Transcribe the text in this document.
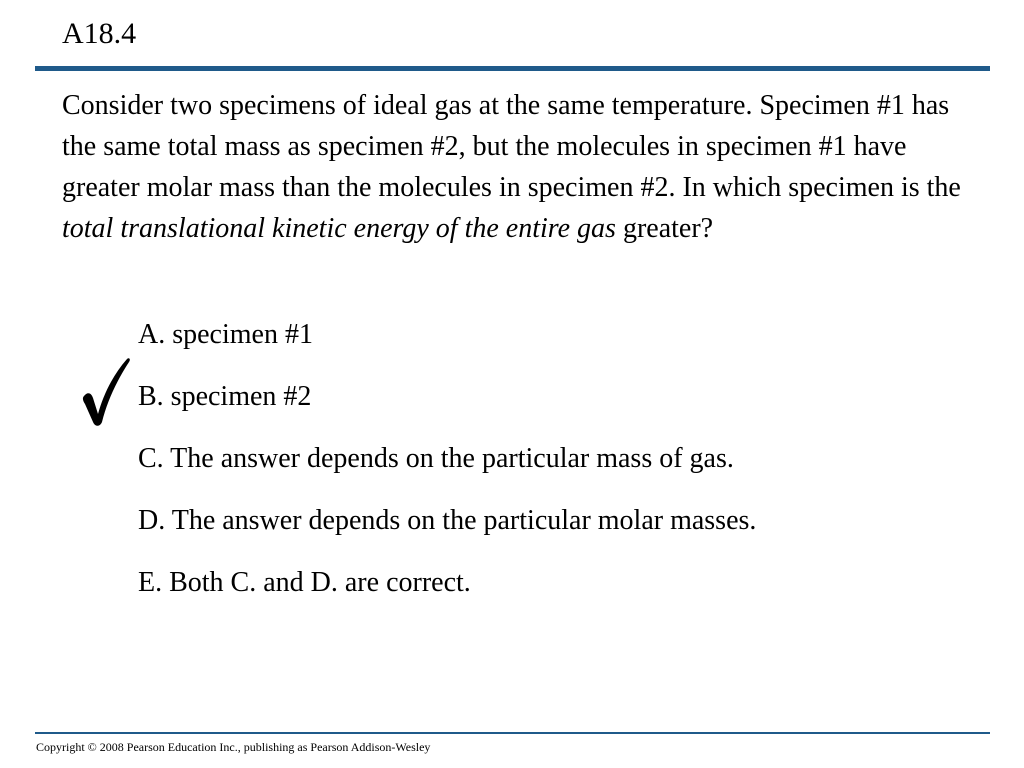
A18.4

Consider two specimens of ideal gas at the same temperature. Specimen #1 has the same total mass as specimen #2, but the molecules in specimen #1 have greater molar mass than the molecules in specimen #2. In which specimen is the total translational kinetic energy of the entire gas greater?

A. specimen #1
B. specimen #2
C. The answer depends on the particular mass of gas.
D. The answer depends on the particular molar masses.
E. Both C. and D. are correct.

Copyright © 2008 Pearson Education Inc., publishing as Pearson Addison-Wesley
